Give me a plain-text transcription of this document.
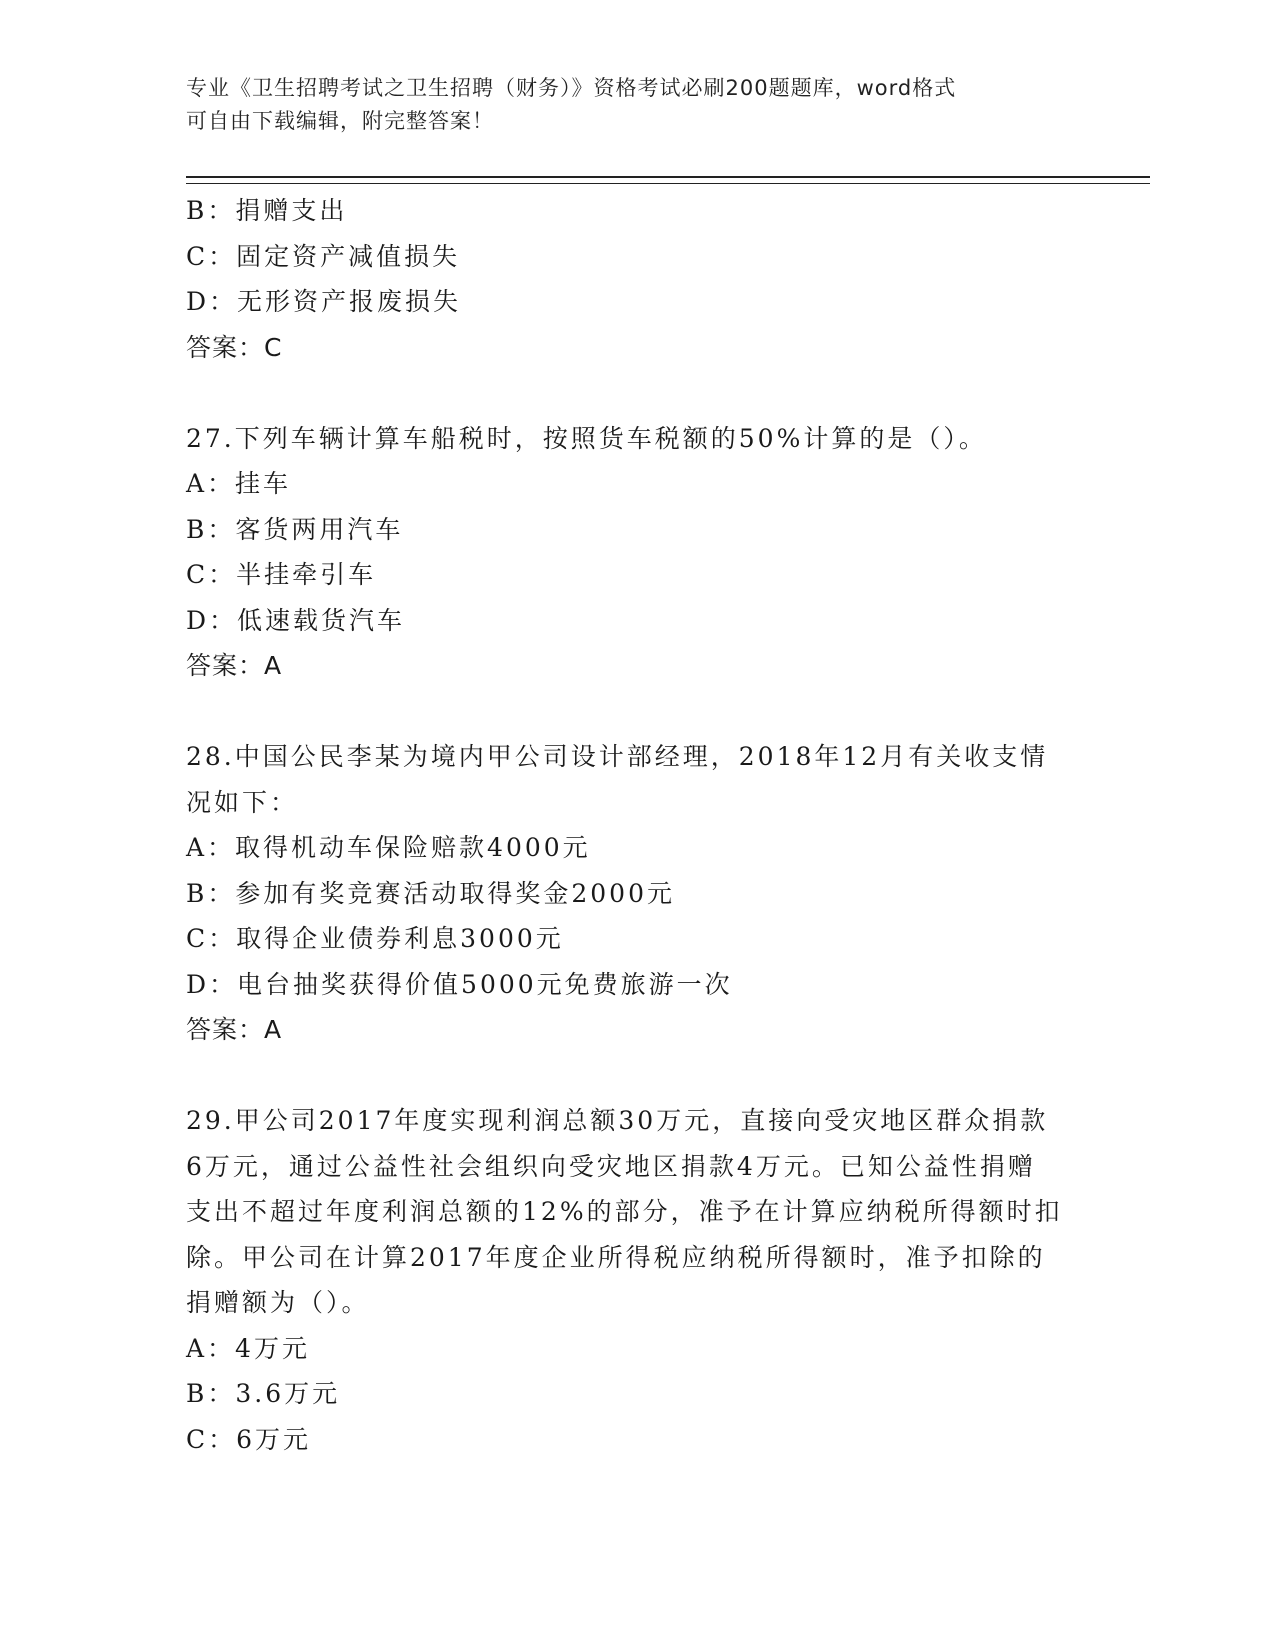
专业《卫生招聘考试之卫生招聘（财务）》资格考试必刷200题题库，word格式
可自由下载编辑，附完整答案！
B：捐赠支出
C：固定资产减值损失
D：无形资产报废损失
答案：C
27.下列车辆计算车船税时，按照货车税额的50%计算的是（）。
A：挂车
B：客货两用汽车
C：半挂牵引车
D：低速载货汽车
答案：A
28.中国公民李某为境内甲公司设计部经理，2018年12月有关收支情
况如下：
A：取得机动车保险赔款4000元
B：参加有奖竞赛活动取得奖金2000元
C：取得企业债券利息3000元
D：电台抽奖获得价值5000元免费旅游一次
答案：A
29.甲公司2017年度实现利润总额30万元，直接向受灾地区群众捐款
6万元，通过公益性社会组织向受灾地区捐款4万元。已知公益性捐赠
支出不超过年度利润总额的12%的部分，准予在计算应纳税所得额时扣
除。甲公司在计算2017年度企业所得税应纳税所得额时，准予扣除的
捐赠额为（）。
A：4万元
B：3.6万元
C：6万元
